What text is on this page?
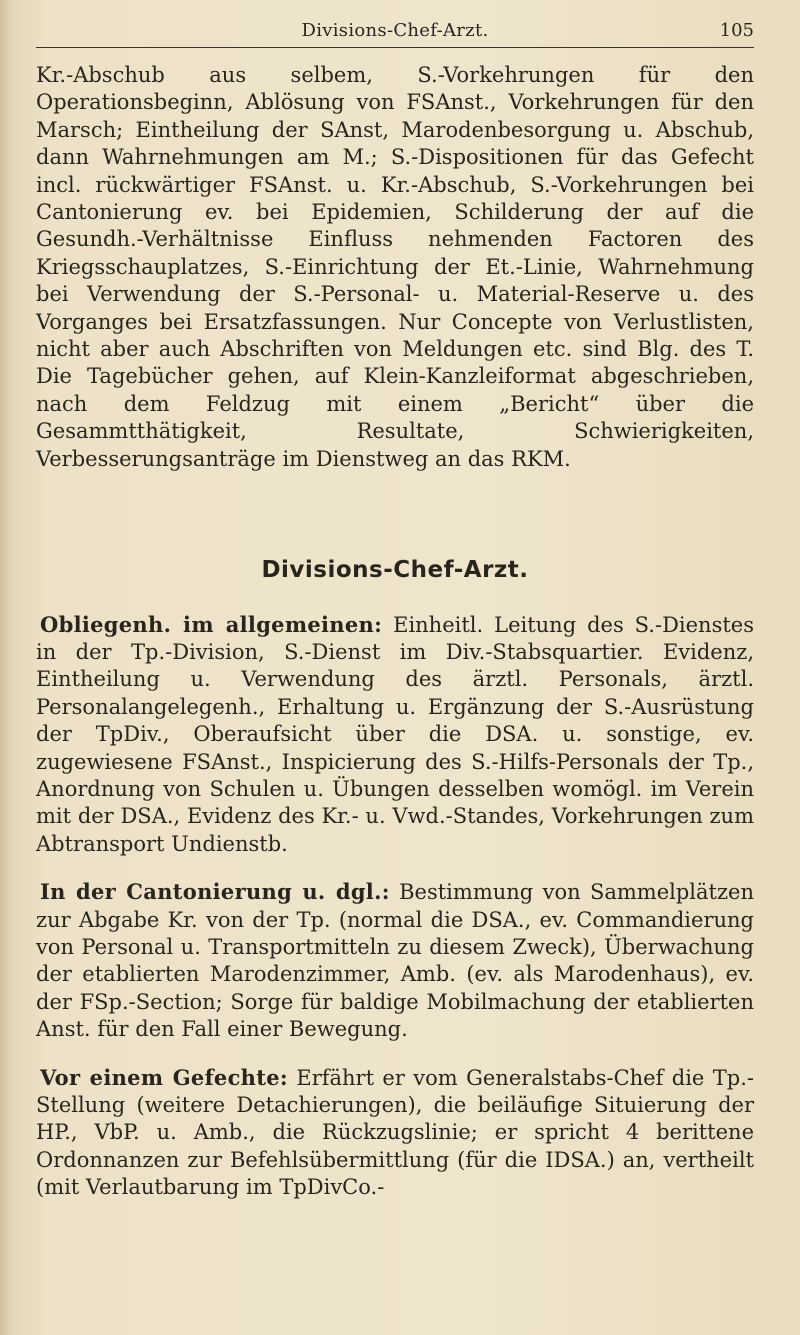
Divisions-Chef-Arzt.	105

Kr.-Abschub aus selbem, S.-Vorkehrungen für den Operationsbeginn, Ablösung von FSAnst., Vorkehrungen für den Marsch; Eintheilung der SAnst, Marodenbesorgung u. Abschub, dann Wahrnehmungen am M.; S.-Dispositionen für das Gefecht incl. rückwärtiger FSAnst. u. Kr.-Abschub, S.-Vorkehrungen bei Cantonierung ev. bei Epidemien, Schilderung der auf die Gesundh.-Verhältnisse Einfluss nehmenden Factoren des Kriegsschauplatzes, S.-Einrichtung der Et.-Linie, Wahrnehmung bei Verwendung der S.-Personal- u. Material-Reserve u. des Vorganges bei Ersatzfassungen. Nur Concepte von Verlustlisten, nicht aber auch Abschriften von Meldungen etc. sind Blg. des T. Die Tagebücher gehen, auf Klein-Kanzleiformat abgeschrieben, nach dem Feldzug mit einem „Bericht“ über die Gesammtthätigkeit, Resultate, Schwierigkeiten, Verbesserungsanträge im Dienstweg an das RKM.

Divisions-Chef-Arzt.

Obliegenh. im allgemeinen: Einheitl. Leitung des S.-Dienstes in der Tp.-Division, S.-Dienst im Div.-Stabsquartier. Evidenz, Eintheilung u. Verwendung des ärztl. Personals, ärztl. Personalangelegenh., Erhaltung u. Ergänzung der S.-Ausrüstung der TpDiv., Oberaufsicht über die DSA. u. sonstige, ev. zugewiesene FSAnst., Inspicierung des S.-Hilfs-Personals der Tp., Anordnung von Schulen u. Übungen desselben womögl. im Verein mit der DSA., Evidenz des Kr.- u. Vwd.-Standes, Vorkehrungen zum Abtransport Undienstb.

In der Cantonierung u. dgl.: Bestimmung von Sammelplätzen zur Abgabe Kr. von der Tp. (normal die DSA., ev. Commandierung von Personal u. Transportmitteln zu diesem Zweck), Überwachung der etablierten Marodenzimmer, Amb. (ev. als Marodenhaus), ev. der FSp.-Section; Sorge für baldige Mobilmachung der etablierten Anst. für den Fall einer Bewegung.

Vor einem Gefechte: Erfährt er vom Generalstabs-Chef die Tp.-Stellung (weitere Detachierungen), die beiläufige Situierung der HP., VbP. u. Amb., die Rückzugslinie; er spricht 4 berittene Ordonnanzen zur Befehlsübermittlung (für die IDSA.) an, vertheilt (mit Verlautbarung im TpDivCo.-
